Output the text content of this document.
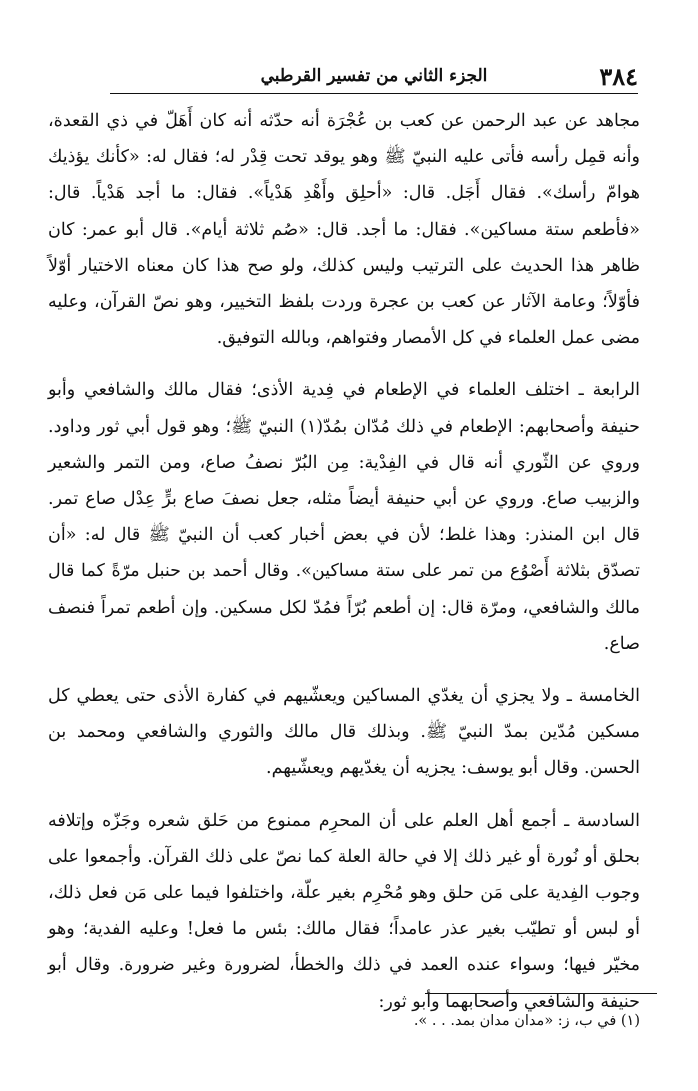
٣٨٤
الجزء الثاني من تفسير القرطبي

مجاهد عن عبد الرحمن عن كعب بن عُجْرَة أنه حدّثه أنه كان أَهَلّ في ذي القعدة، وأنه قمِل رأسه فأتى عليه النبيّ ﷺ وهو يوقد تحت قِدْر له؛ فقال له: «كأنك يؤذيك هوامّ رأسك». فقال أَجَل. قال: «أحلِق وأَهْدِ هَدْياً». فقال: ما أجد هَدْياً. قال: «فأطعم ستة مساكين». فقال: ما أجد. قال: «صُم ثلاثة أيام». قال أبو عمر: كان ظاهر هذا الحديث على الترتيب وليس كذلك، ولو صح هذا كان معناه الاختيار أوّلاً فأوّلاً؛ وعامة الآثار عن كعب بن عجرة وردت بلفظ التخيير، وهو نصّ القرآن، وعليه مضى عمل العلماء في كل الأمصار وفتواهم، وبالله التوفيق.

الرابعة ـ اختلف العلماء في الإطعام في فِدية الأذى؛ فقال مالك والشافعي وأبو حنيفة وأصحابهم: الإطعام في ذلك مُدّان بمُدّ(١) النبيّ ﷺ؛ وهو قول أبي ثور وداود. وروي عن الثّوري أنه قال في الفِدْية: مِن البُرّ نصفُ صاع، ومن التمر والشعير والزبيب صاع. وروي عن أبي حنيفة أيضاً مثله، جعل نصفَ صاع برٍّ عِدْل صاع تمر. قال ابن المنذر: وهذا غلط؛ لأن في بعض أخبار كعب أن النبيّ ﷺ قال له: «أن تصدّق بثلاثة أَصْوُع من تمر على ستة مساكين». وقال أحمد بن حنبل مرّةً كما قال مالك والشافعي، ومرّة قال: إن أطعم بُرّاً فمُدّ لكل مسكين. وإن أطعم تمراً فنصف صاع.

الخامسة ـ ولا يجزي أن يغدّي المساكين ويعشّيهم في كفارة الأذى حتى يعطي كل مسكين مُدّين بمدّ النبيّ ﷺ. وبذلك قال مالك والثوري والشافعي ومحمد بن الحسن. وقال أبو يوسف: يجزيه أن يغدّيهم ويعشّيهم.

السادسة ـ أجمع أهل العلم على أن المحرِم ممنوع من حَلق شعره وجَزّه وإتلافه بحلق أو نُورة أو غير ذلك إلا في حالة العلة كما نصّ على ذلك القرآن. وأجمعوا على وجوب الفِدية على مَن حلق وهو مُحْرِم بغير علّة، واختلفوا فيما على مَن فعل ذلك، أو لبس أو تطيّب بغير عذر عامداً؛ فقال مالك: بئس ما فعل! وعليه الفدية؛ وهو مخيّر فيها؛ وسواء عنده العمد في ذلك والخطأ، لضرورة وغير ضرورة. وقال أبو حنيفة والشافعي وأصحابهما وأبو ثور:

(١) في ب، ز: «مدان مدان بمد. . . ».
